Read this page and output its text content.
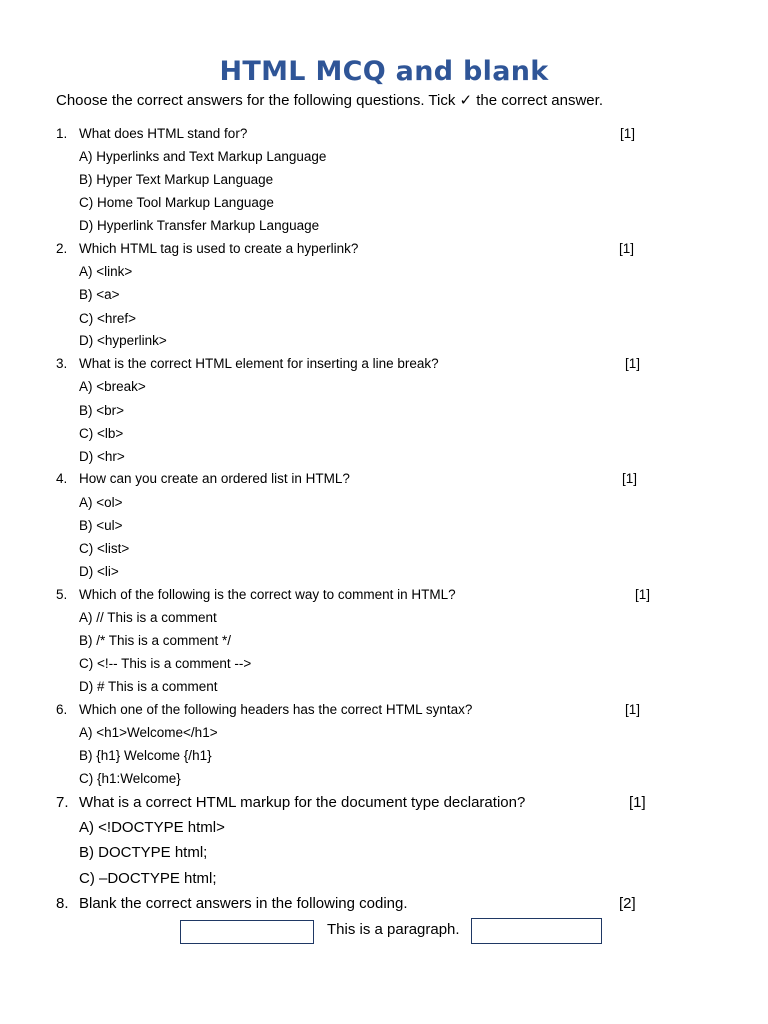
HTML MCQ and blank
Choose the correct answers for the following questions. Tick ✓ the correct answer.
1. What does HTML stand for?	[1]
A) Hyperlinks and Text Markup Language
B) Hyper Text Markup Language
C) Home Tool Markup Language
D) Hyperlink Transfer Markup Language
2. Which HTML tag is used to create a hyperlink?	[1]
A) <link>
B) <a>
C) <href>
D) <hyperlink>
3. What is the correct HTML element for inserting a line break?	[1]
A) <break>
B) <br>
C) <lb>
D) <hr>
4. How can you create an ordered list in HTML?	[1]
A) <ol>
B) <ul>
C) <list>
D) <li>
5. Which of the following is the correct way to comment in HTML?	[1]
A) // This is a comment
B) /* This is a comment */
C) <!-- This is a comment -->
D) # This is a comment
6. Which one of the following headers has the correct HTML syntax?	[1]
A) <h1>Welcome</h1>
B) {h1} Welcome {/h1}
C) {h1:Welcome}
7. What is a correct HTML markup for the document type declaration?	[1]
A) <!DOCTYPE html>
B) DOCTYPE html;
C) –DOCTYPE html;
8. Blank the correct answers in the following coding.	[2]
This is a paragraph.
